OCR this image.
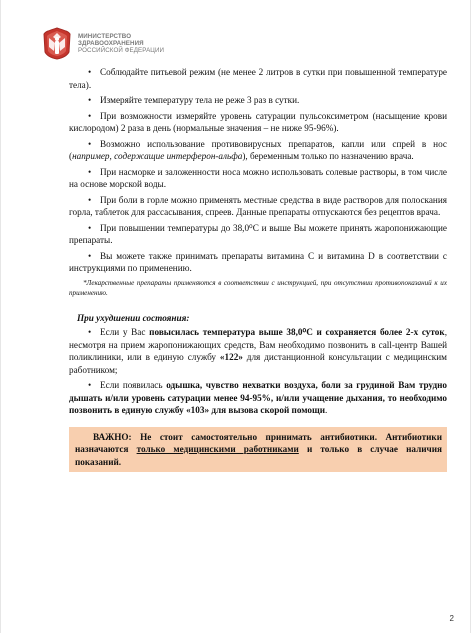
МИНИСТЕРСТВО
ЗДРАВООХРАНЕНИЯ
РОССИЙСКОЙ ФЕДЕРАЦИИ

• Соблюдайте питьевой режим (не менее 2 литров в сутки при повышенной температуре тела).

• Измеряйте температуру тела не реже 3 раз в сутки.

• При возможности измеряйте уровень сатурации пульсоксиметром (насыщение крови кислородом) 2 раза в день (нормальные значения – не ниже 95-96%).

• Возможно использование противовирусных препаратов, капли или спрей в нос (например, содержащие интерферон-альфа), беременным только по назначению врача.

• При насморке и заложенности носа можно использовать солевые растворы, в том числе на основе морской воды.

• При боли в горле можно применять местные средства в виде растворов для полоскания горла, таблеток для рассасывания, спреев. Данные препараты отпускаются без рецептов врача.

• При повышении температуры до 38,0⁰С и выше Вы можете принять жаропонижающие препараты.

• Вы можете также принимать препараты витамина С и витамина D в соответствии с инструкциями по применению.

*Лекарственные препараты применяются в соответствии с инструкцией, при отсутствии противопоказаний к их применению.

При ухудшении состояния:

• Если у Вас повысилась температура выше 38,0⁰С и сохраняется более 2-х суток, несмотря на прием жаропонижающих средств, Вам необходимо позвонить в call-центр Вашей поликлиники, или в единую службу «122» для дистанционной консультации с медицинским работником;

• Если появилась одышка, чувство нехватки воздуха, боли за грудиной Вам трудно дышать и/или уровень сатурации менее 94-95%, и/или учащение дыхания, то необходимо позвонить в единую службу «103» для вызова скорой помощи.

ВАЖНО: Не стоит самостоятельно принимать антибиотики. Антибиотики назначаются только медицинскими работниками и только в случае наличия показаний.

2
